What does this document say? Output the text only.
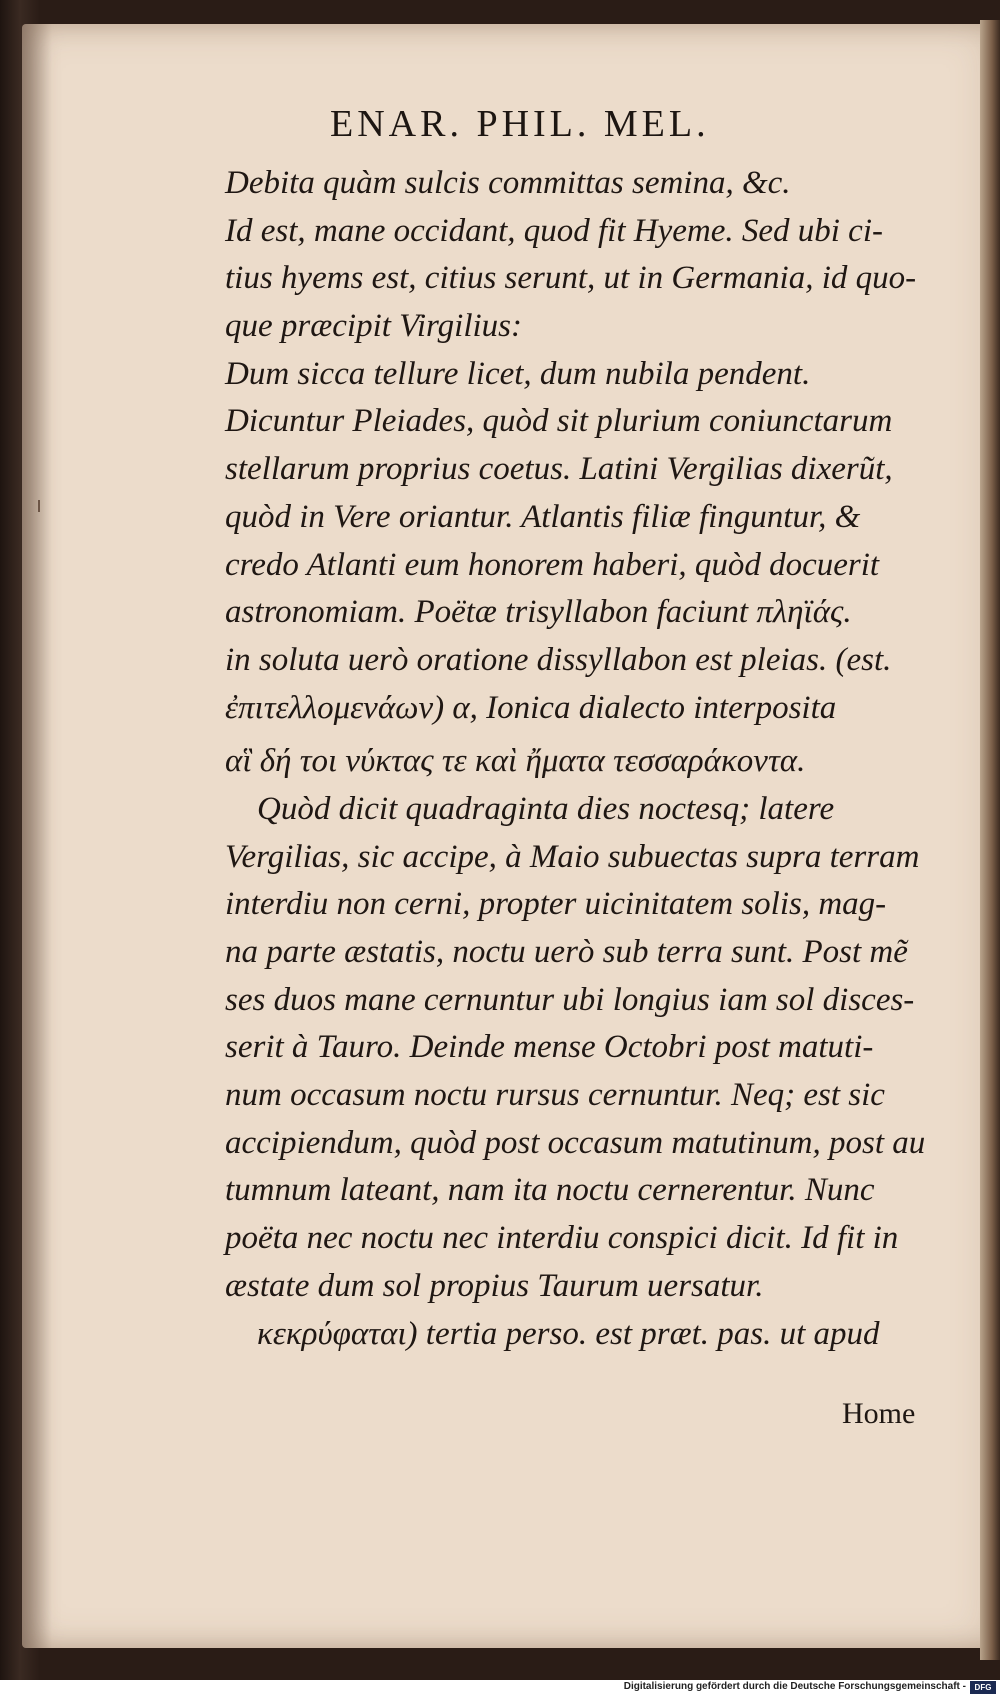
ENAR. PHIL. MEL.
Debita quàm sulcis committas semina, &c.
Id est, mane occidant, quod fit Hyeme. Sed ubi ci-
tius hyems est, citius serunt, ut in Germania, id quo-
que præcipit Virgilius:
Dum sicca tellure licet, dum nubila pendent.
Dicuntur Pleiades, quòd sit plurium coniunctarum
stellarum proprius coetus. Latini Vergilias dixerũt,
quòd in Vere oriantur. Atlantis filiæ finguntur, &
credo Atlanti eum honorem haberi, quòd docuerit
astronomiam. Poëtæ trisyllabon faciunt πληϊάς.
in soluta uerò oratione dissyllabon est pleias. (est.
ἐπιτελλομενάων) α, Ionica dialecto interposita
αἳ δή τοι νύκτας τε καὶ ἤματα τεσσαράκοντα.
Quòd dicit quadraginta dies noctesq; latere
Vergilias, sic accipe, à Maio subuectas supra terram
interdiu non cerni, propter uicinitatem solis, mag-
na parte æstatis, noctu uerò sub terra sunt. Post mẽ
ses duos mane cernuntur ubi longius iam sol disces-
serit à Tauro. Deinde mense Octobri post matuti-
num occasum noctu rursus cernuntur. Neq; est sic
accipiendum, quòd post occasum matutinum, post au
tumnum lateant, nam ita noctu cernerentur. Nunc
poëta nec noctu nec interdiu conspici dicit. Id fit in
æstate dum sol propius Taurum uersatur.
κεκρύφαται) tertia perso. est præt. pas. ut apud
Home
Digitalisierung gefördert durch die Deutsche Forschungsgemeinschaft -	DFG
